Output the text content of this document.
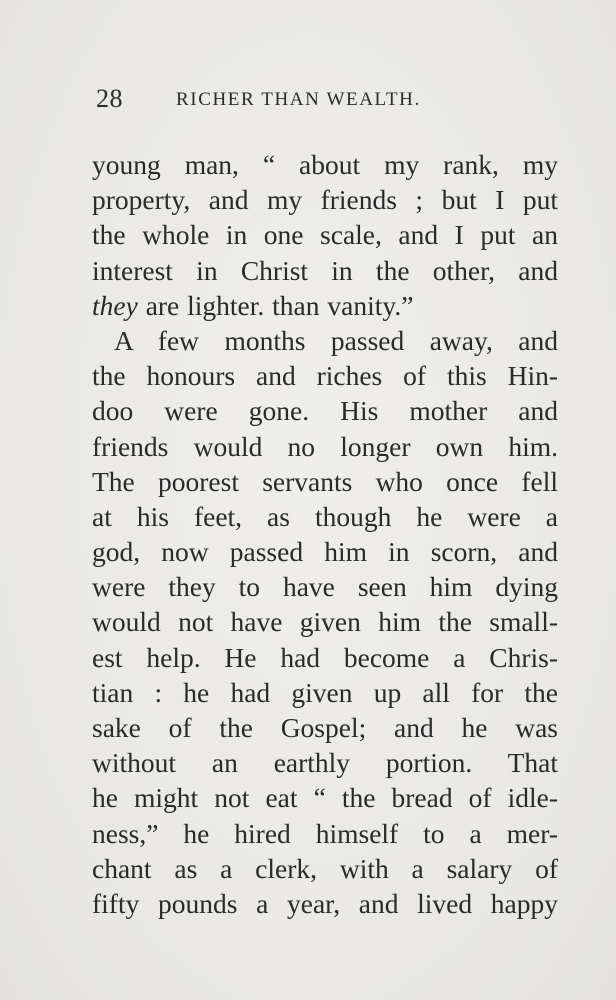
28	RICHER THAN WEALTH.
young man, “ about my rank, my
property, and my friends ; but I put
the whole in one scale, and I put an
interest in Christ in the other, and
they are lighter. than vanity.”
A few months passed away, and
the honours and riches of this Hin-
doo were gone. His mother and
friends would no longer own him.
The poorest servants who once fell
at his feet, as though he were a
god, now passed him in scorn, and
were they to have seen him dying
would not have given him the small-
est help. He had become a Chris-
tian : he had given up all for the
sake of the Gospel; and he was
without an earthly portion. That
he might not eat “ the bread of idle-
ness,” he hired himself to a mer-
chant as a clerk, with a salary of
fifty pounds a year, and lived happy
